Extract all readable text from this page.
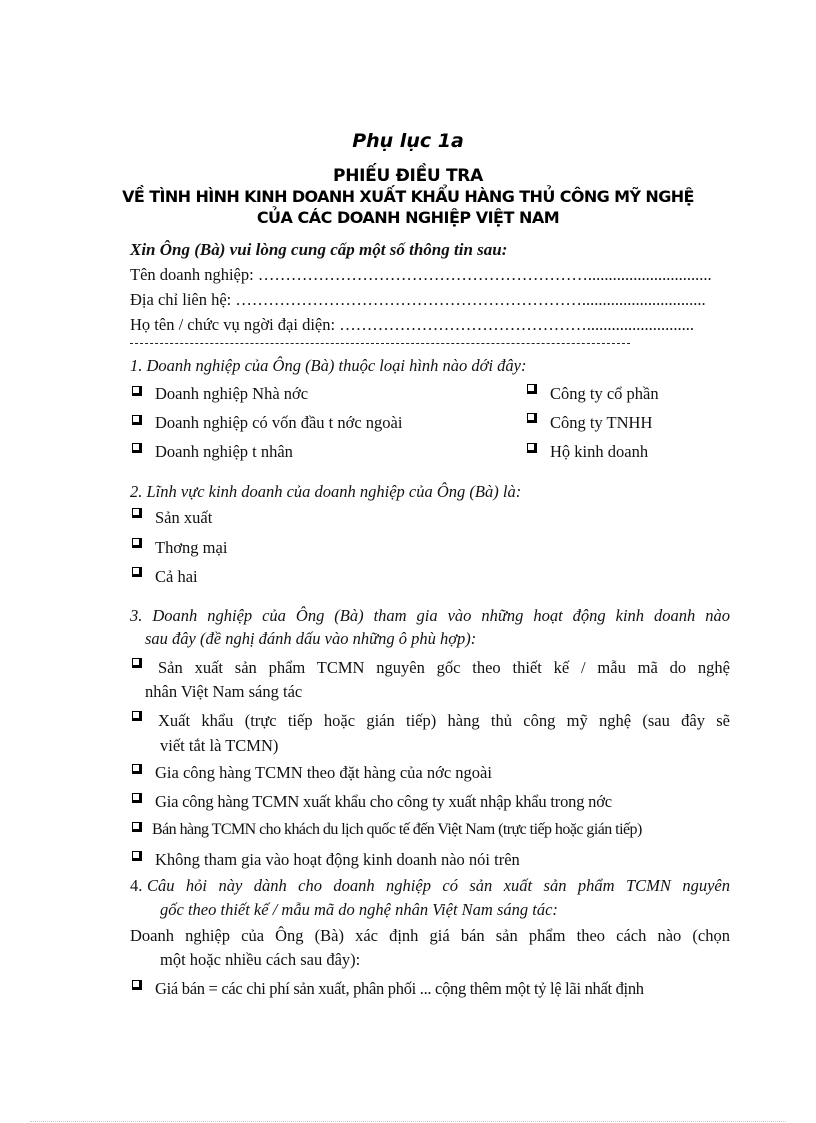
Phụ lục 1a
PHIẾU ĐIỀU TRA
VỀ TÌNH HÌNH KINH DOANH XUẤT KHẨU HÀNG THỦ CÔNG MỸ NGHỆ
CỦA CÁC DOANH NGHIỆP VIỆT NAM
Xin Ông (Bà) vui lòng cung cấp một số thông tin sau:
Tên doanh nghiệp: ……………………………………………………..............................
Địa chỉ liên hệ: ………………………………………………………..............................
Họ tên / chức vụ ngời đại diện: ………………………………………..........................
1. Doanh nghiệp của Ông (Bà) thuộc loại hình nào dới đây:
Doanh nghiệp Nhà nớc	Công ty cổ phần
Doanh nghiệp có vốn đầu t nớc ngoài	Công ty TNHH
Doanh nghiệp t nhân	Hộ kinh doanh
2. Lĩnh vực kinh doanh của doanh nghiệp của Ông (Bà) là:
Sản xuất
Thơng mại
Cả hai
3. Doanh nghiệp của Ông (Bà) tham gia vào những hoạt động kinh doanh nào
sau đây (đề nghị đánh dấu vào những ô phù hợp):
Sản xuất sản phẩm TCMN nguyên gốc theo thiết kế / mẫu mã do nghệ
nhân Việt Nam sáng tác
Xuất khẩu (trực tiếp hoặc gián tiếp) hàng thủ công mỹ nghệ (sau đây sẽ
viết tắt là TCMN)
Gia công hàng TCMN theo đặt hàng của nớc ngoài
Gia công hàng TCMN xuất khẩu cho công ty xuất nhập khẩu trong nớc
Bán hàng TCMN cho khách du lịch quốc tế đến Việt Nam (trực tiếp hoặc gián tiếp)
Không tham gia vào hoạt động kinh doanh nào nói trên
4. Câu hỏi này dành cho doanh nghiệp có sản xuất sản phẩm TCMN nguyên
gốc theo thiết kế / mẫu mã do nghệ nhân Việt Nam sáng tác:
Doanh nghiệp của Ông (Bà) xác định giá bán sản phẩm theo cách nào (chọn
một hoặc nhiều cách sau đây):
Giá bán = các chi phí sản xuất, phân phối ... cộng thêm một tỷ lệ lãi nhất định
